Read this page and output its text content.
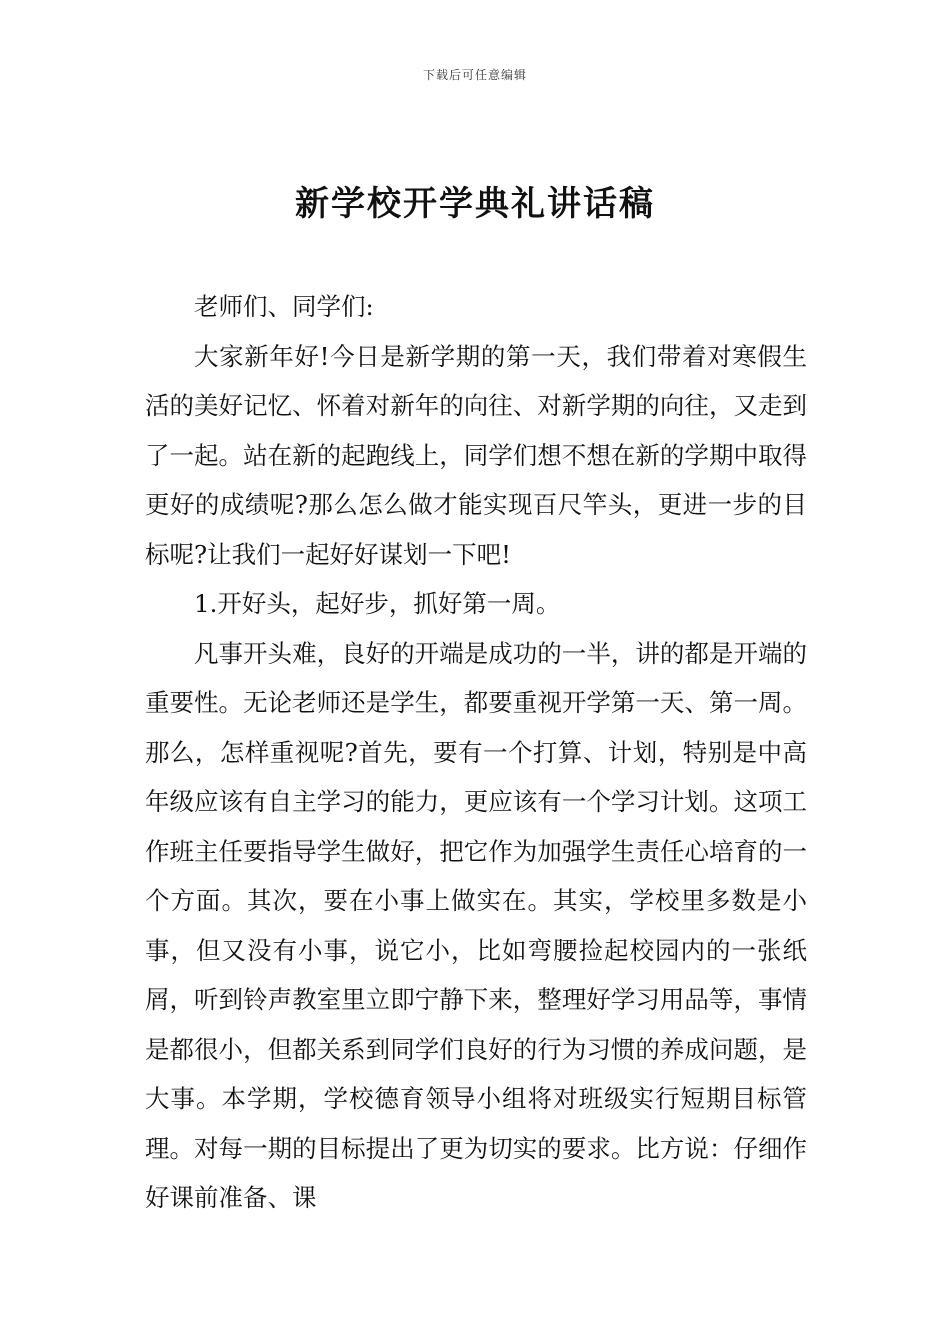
下载后可任意编辑
新学校开学典礼讲话稿

老师们、同学们:

大家新年好!今日是新学期的第一天，我们带着对寒假生活的美好记忆、怀着对新年的向往、对新学期的向往，又走到了一起。站在新的起跑线上，同学们想不想在新的学期中取得更好的成绩呢?那么怎么做才能实现百尺竿头，更进一步的目标呢?让我们一起好好谋划一下吧!

1.开好头，起好步，抓好第一周。

凡事开头难，良好的开端是成功的一半，讲的都是开端的重要性。无论老师还是学生，都要重视开学第一天、第一周。那么，怎样重视呢?首先，要有一个打算、计划，特别是中高年级应该有自主学习的能力，更应该有一个学习计划。这项工作班主任要指导学生做好，把它作为加强学生责任心培育的一个方面。其次，要在小事上做实在。其实，学校里多数是小事，但又没有小事，说它小，比如弯腰捡起校园内的一张纸屑，听到铃声教室里立即宁静下来，整理好学习用品等，事情是都很小，但都关系到同学们良好的行为习惯的养成问题，是大事。本学期，学校德育领导小组将对班级实行短期目标管理。对每一期的目标提出了更为切实的要求。比方说：仔细作好课前准备、课
